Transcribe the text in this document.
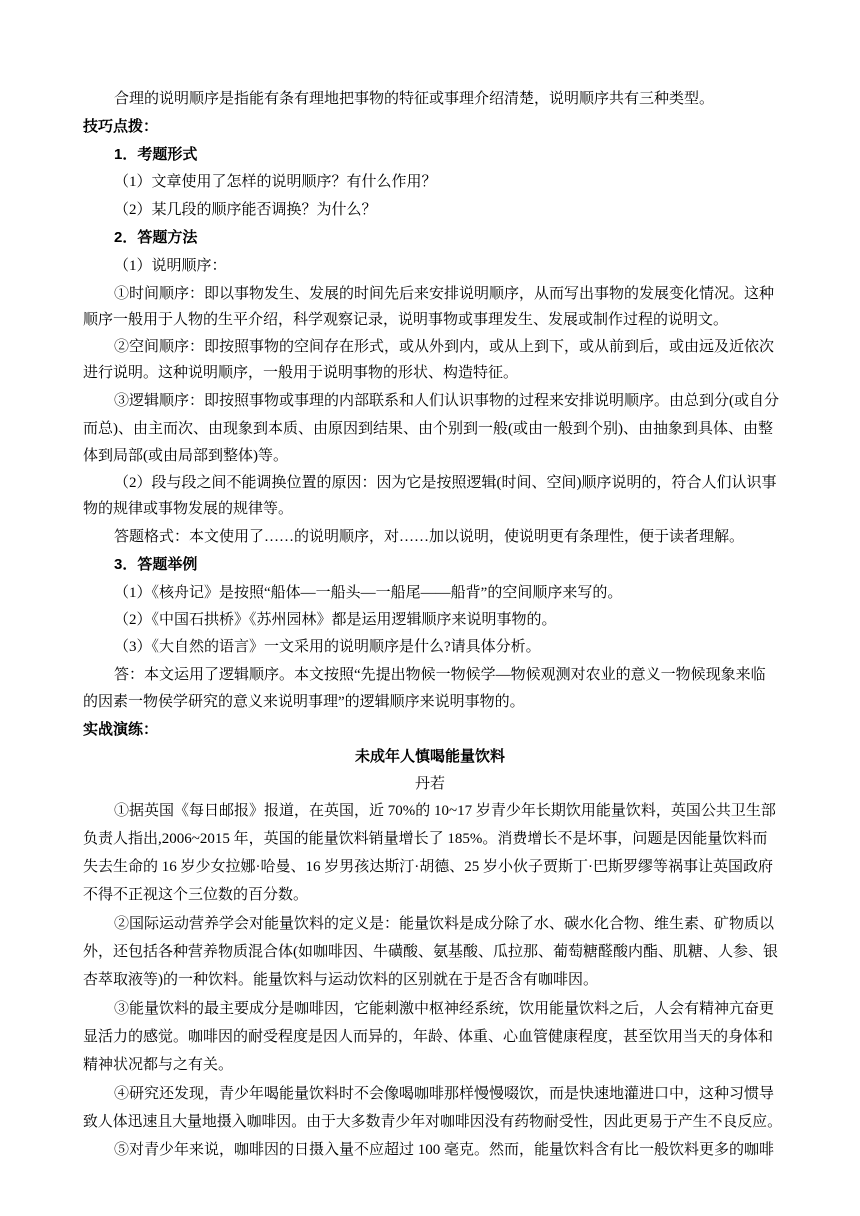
合理的说明顺序是指能有条有理地把事物的特征或事理介绍清楚，说明顺序共有三种类型。
技巧点拨：
1．考题形式
（1）文章使用了怎样的说明顺序？有什么作用？
（2）某几段的顺序能否调换？为什么？
2．答题方法
（1）说明顺序：
①时间顺序：即以事物发生、发展的时间先后来安排说明顺序，从而写出事物的发展变化情况。这种
顺序一般用于人物的生平介绍，科学观察记录，说明事物或事理发生、发展或制作过程的说明文。
②空间顺序：即按照事物的空间存在形式，或从外到内，或从上到下，或从前到后，或由远及近依次
进行说明。这种说明顺序，一般用于说明事物的形状、构造特征。
③逻辑顺序：即按照事物或事理的内部联系和人们认识事物的过程来安排说明顺序。由总到分(或自分
而总)、由主而次、由现象到本质、由原因到结果、由个别到一般(或由一般到个别)、由抽象到具体、由整
体到局部(或由局部到整体)等。
（2）段与段之间不能调换位置的原因：因为它是按照逻辑(时间、空间)顺序说明的，符合人们认识事
物的规律或事物发展的规律等。
答题格式：本文使用了……的说明顺序，对……加以说明，使说明更有条理性，便于读者理解。
3．答题举例
（1）《核舟记》是按照“船体—一船头—一船尾——船背”的空间顺序来写的。
（2）《中国石拱桥》《苏州园林》都是运用逻辑顺序来说明事物的。
（3）《大自然的语言》一文采用的说明顺序是什么?请具体分析。
答：本文运用了逻辑顺序。本文按照“先提出物候一物候学—物候观测对农业的意义一物候现象来临
的因素一物侯学研究的意义来说明事理”的逻辑顺序来说明事物的。
实战演练：
未成年人慎喝能量饮料
丹若
①据英国《每日邮报》报道，在英国，近 70%的 10~17 岁青少年长期饮用能量饮料，英国公共卫生部
负责人指出,2006~2015 年，英国的能量饮料销量增长了 185%。消费增长不是坏事，问题是因能量饮料而
失去生命的 16 岁少女拉娜·哈曼、16 岁男孩达斯汀·胡德、25 岁小伙子贾斯丁·巴斯罗缪等祸事让英国政府
不得不正视这个三位数的百分数。
②国际运动营养学会对能量饮料的定义是：能量饮料是成分除了水、碳水化合物、维生素、矿物质以
外，还包括各种营养物质混合体(如咖啡因、牛磺酸、氨基酸、瓜拉那、葡萄糖醛酸内酯、肌糖、人参、银
杏萃取液等)的一种饮料。能量饮料与运动饮料的区别就在于是否含有咖啡因。
③能量饮料的最主要成分是咖啡因，它能刺激中枢神经系统，饮用能量饮料之后，人会有精神亢奋更
显活力的感觉。咖啡因的耐受程度是因人而异的，年龄、体重、心血管健康程度，甚至饮用当天的身体和
精神状况都与之有关。
④研究还发现，青少年喝能量饮料时不会像喝咖啡那样慢慢啜饮，而是快速地灌进口中，这种习惯导
致人体迅速且大量地摄入咖啡因。由于大多数青少年对咖啡因没有药物耐受性，因此更易于产生不良反应。
⑤对青少年来说，咖啡因的日摄入量不应超过 100 毫克。然而，能量饮料含有比一般饮料更多的咖啡
